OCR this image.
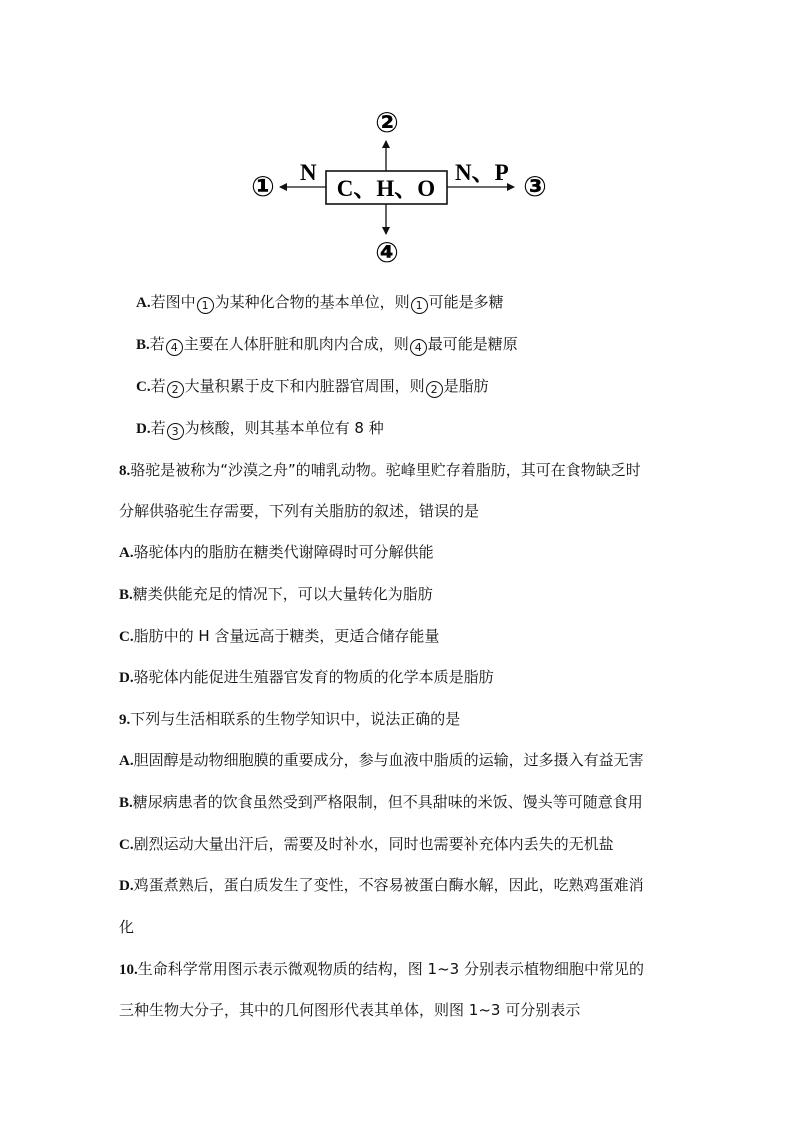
C、H、O
N	N、P
①
②
③
④
A.若图中 1 为某种化合物的基本单位，则 1 可能是多糖
B.若 4 主要在人体肝脏和肌肉内合成，则 4 最可能是糖原
C.若 2 大量积累于皮下和内脏器官周围，则 2 是脂肪
D.若 3 为核酸，则其基本单位有 8 种
8.骆驼是被称为“沙漠之舟”的哺乳动物。驼峰里贮存着脂肪，其可在食物缺乏时
分解供骆驼生存需要，下列有关脂肪的叙述，错误的是
A.骆驼体内的脂肪在糖类代谢障碍时可分解供能
B.糖类供能充足的情况下，可以大量转化为脂肪
C.脂肪中的 H 含量远高于糖类，更适合储存能量
D.骆驼体内能促进生殖器官发育的物质的化学本质是脂肪
9.下列与生活相联系的生物学知识中，说法正确的是
A.胆固醇是动物细胞膜的重要成分，参与血液中脂质的运输，过多摄入有益无害
B.糖尿病患者的饮食虽然受到严格限制，但不具甜味的米饭、馒头等可随意食用
C.剧烈运动大量出汗后，需要及时补水，同时也需要补充体内丢失的无机盐
D.鸡蛋煮熟后，蛋白质发生了变性，不容易被蛋白酶水解，因此，吃熟鸡蛋难消
化
10.生命科学常用图示表示微观物质的结构，图 1~3 分别表示植物细胞中常见的
三种生物大分子，其中的几何图形代表其单体，则图 1~3 可分别表示
